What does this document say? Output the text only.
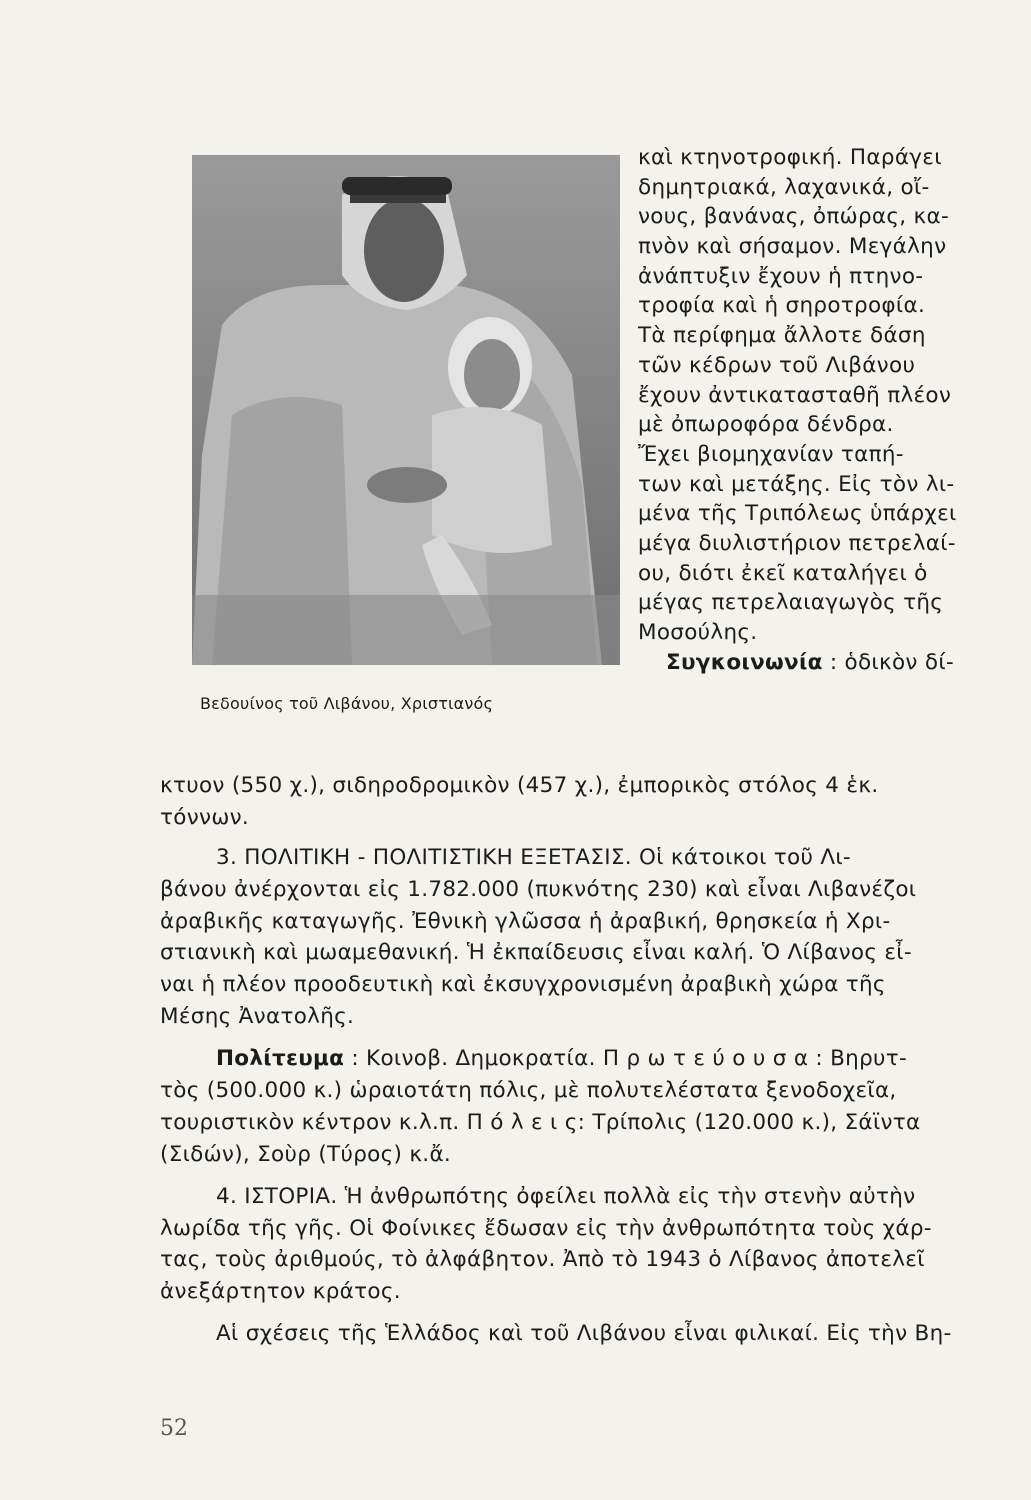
Βεδουίνος τοῦ Λιβάνου, Χριστιανός
καὶ κτηνοτροφική. Παράγει
δημητριακά, λαχανικά, οἴ-
νους, βανάνας, ὀπώρας, κα-
πνὸν καὶ σήσαμον. Μεγάλην
ἀνάπτυξιν ἔχουν ἡ πτηνο-
τροφία καὶ ἡ σηροτροφία.
Τὰ περίφημα ἄλλοτε δάση
τῶν κέδρων τοῦ Λιβάνου
ἔχουν ἀντικατασταθῆ πλέον
μὲ ὀπωροφόρα δένδρα.
Ἔχει βιομηχανίαν ταπή-
των καὶ μετάξης. Εἰς τὸν λι-
μένα τῆς Τριπόλεως ὑπάρχει
μέγα διυλιστήριον πετρελαί-
ου, διότι ἐκεῖ καταλήγει ὁ
μέγας πετρελαιαγωγὸς τῆς
Μοσούλης.
Συγκοινωνία : ὁδικὸν δί-
κτυον (550 χ.), σιδηροδρομικὸν (457 χ.), ἐμπορικὸς στόλος 4 ἑκ.
τόννων.
3. ΠΟΛΙΤΙΚΗ - ΠΟΛΙΤΙΣΤΙΚΗ ΕΞΕΤΑΣΙΣ. Οἱ κάτοικοι τοῦ Λι-
βάνου ἀνέρχονται εἰς 1.782.000 (πυκνότης 230) καὶ εἶναι Λιβανέζοι
ἀραβικῆς καταγωγῆς. Ἐθνικὴ γλῶσσα ἡ ἀραβική, θρησκεία ἡ Χρι-
στιανικὴ καὶ μωαμεθανική. Ἡ ἐκπαίδευσις εἶναι καλή. Ὁ Λίβανος εἶ-
ναι ἡ πλέον προοδευτικὴ καὶ ἐκσυγχρονισμένη ἀραβικὴ χώρα τῆς
Μέσης Ἀνατολῆς.
Πολίτευμα : Κοινοβ. Δημοκρατία. Π ρ ω τ ε ύ ο υ σ α : Βηρυτ-
τὸς (500.000 κ.) ὡραιοτάτη πόλις, μὲ πολυτελέστατα ξενοδοχεῖα,
τουριστικὸν κέντρον κ.λ.π. Π ό λ ε ι ς: Τρίπολις (120.000 κ.), Σάϊντα
(Σιδών), Σοὺρ (Τύρος) κ.ἄ.
4. ΙΣΤΟΡΙΑ. Ἡ ἀνθρωπότης ὀφείλει πολλὰ εἰς τὴν στενὴν αὐτὴν
λωρίδα τῆς γῆς. Οἱ Φοίνικες ἔδωσαν εἰς τὴν ἀνθρωπότητα τοὺς χάρ-
τας, τοὺς ἀριθμούς, τὸ ἀλφάβητον. Ἀπὸ τὸ 1943 ὁ Λίβανος ἀποτελεῖ
ἀνεξάρτητον κράτος.
Αἱ σχέσεις τῆς Ἑλλάδος καὶ τοῦ Λιβάνου εἶναι φιλικαί. Εἰς τὴν Βη-
52
